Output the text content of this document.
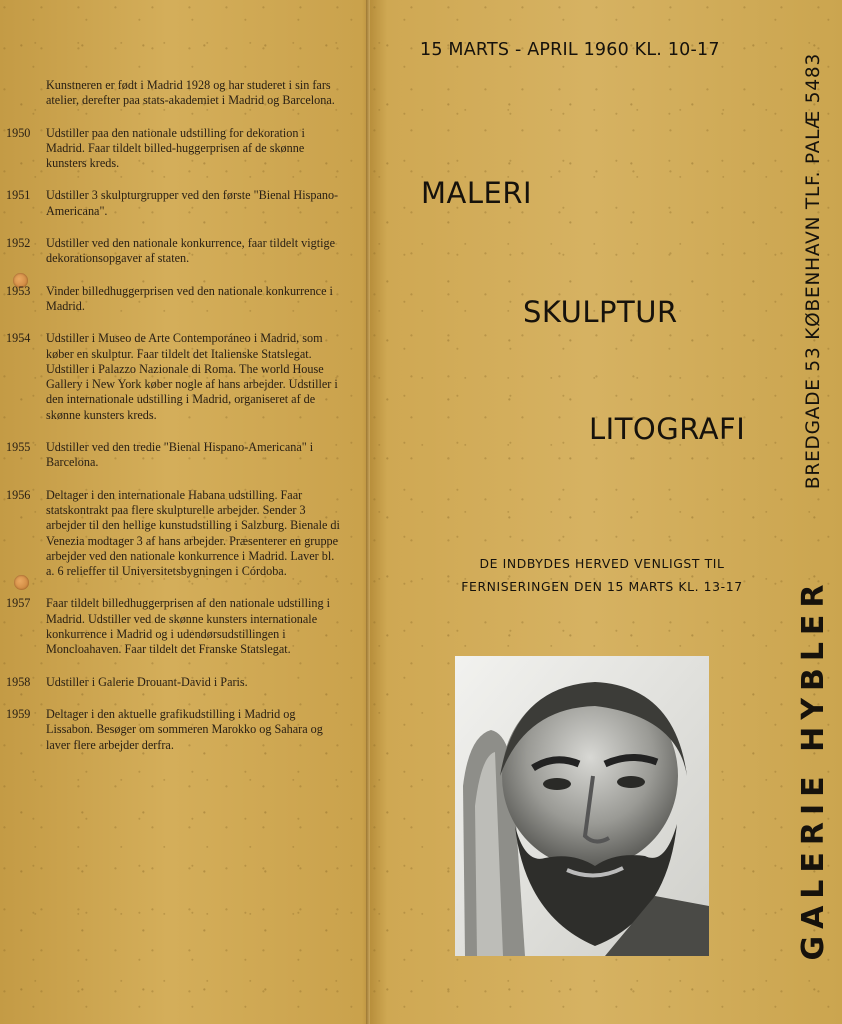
Kunstneren er født i Madrid 1928 og har studeret i sin fars atelier, derefter paa stats-akademiet i Madrid og Barcelona.
1950 Udstiller paa den nationale udstilling for dekoration i Madrid. Faar tildelt billed-huggerprisen af de skønne kunsters kreds.
1951 Udstiller 3 skulpturgrupper ved den første "Bienal Hispano-Americana".
1952 Udstiller ved den nationale konkurrence, faar tildelt vigtige dekorationsopgaver af staten.
1953 Vinder billedhuggerprisen ved den nationale konkurrence i Madrid.
1954 Udstiller i Museo de Arte Contemporáneo i Madrid, som køber en skulptur. Faar tildelt det Italienske Statslegat. Udstiller i Palazzo Nazionale di Roma. The world House Gallery i New York køber nogle af hans arbejder. Udstiller i den internationale udstilling i Madrid, organiseret af de skønne kunsters kreds.
1955 Udstiller ved den tredie "Bienal Hispano-Americana" i Barcelona.
1956 Deltager i den internationale Habana udstilling. Faar statskontrakt paa flere skulpturelle arbejder. Sender 3 arbejder til den hellige kunstudstilling i Salzburg. Bienale di Venezia modtager 3 af hans arbejder. Præsenterer en gruppe arbejder ved den nationale konkurrence i Madrid. Laver bl. a. 6 relieffer til Universitetsbygningen i Córdoba.
1957 Faar tildelt billedhuggerprisen af den nationale udstilling i Madrid. Udstiller ved de skønne kunsters internationale konkurrence i Madrid og i udendørsudstillingen i Moncloahaven. Faar tildelt det Franske Statslegat.
1958 Udstiller i Galerie Drouant-David i Paris.
1959 Deltager i den aktuelle grafikudstilling i Madrid og Lissabon. Besøger om sommeren Marokko og Sahara og laver flere arbejder derfra.
15 MARTS - APRIL 1960 KL. 10-17
MALERI
SKULPTUR
LITOGRAFI
DE INDBYDES HERVED VENLIGST TIL
FERNISERINGEN DEN 15 MARTS KL. 13-17
BREDGADE 53 KØBENHAVN TLF. PALÆ 5483
GALERIE HYBLER
